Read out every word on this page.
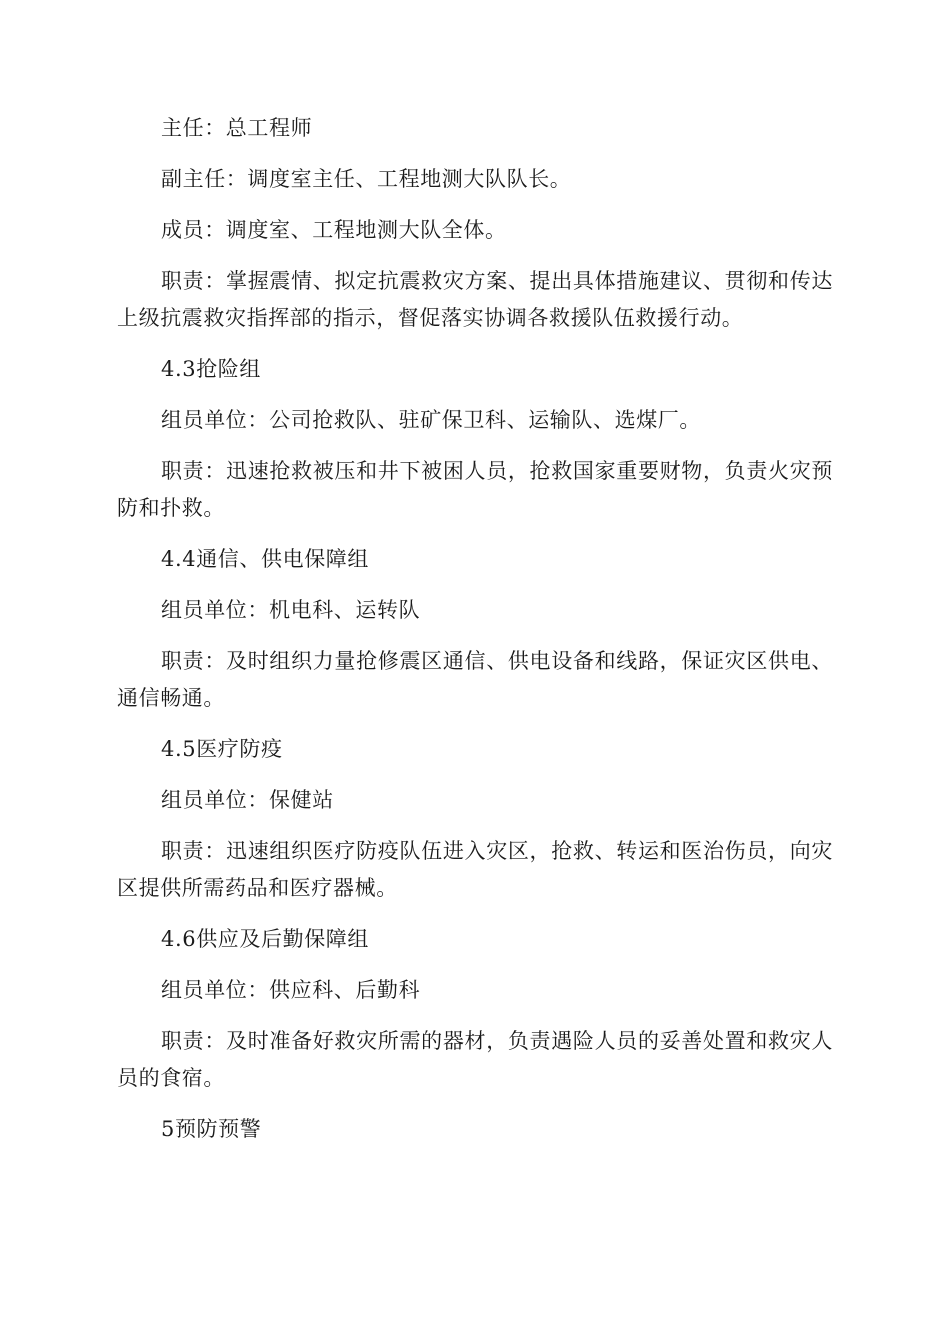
主任：总工程师

副主任：调度室主任、工程地测大队队长。

成员：调度室、工程地测大队全体。

职责：掌握震情、拟定抗震救灾方案、提出具体措施建议、贯彻和传达上级抗震救灾指挥部的指示，督促落实协调各救援队伍救援行动。

4.3抢险组

组员单位：公司抢救队、驻矿保卫科、运输队、选煤厂。

职责：迅速抢救被压和井下被困人员，抢救国家重要财物，负责火灾预防和扑救。

4.4通信、供电保障组

组员单位：机电科、运转队

职责：及时组织力量抢修震区通信、供电设备和线路，保证灾区供电、通信畅通。

4.5医疗防疫

组员单位：保健站

职责：迅速组织医疗防疫队伍进入灾区，抢救、转运和医治伤员，向灾区提供所需药品和医疗器械。

4.6供应及后勤保障组

组员单位：供应科、后勤科

职责：及时准备好救灾所需的器材，负责遇险人员的妥善处置和救灾人员的食宿。

5预防预警
